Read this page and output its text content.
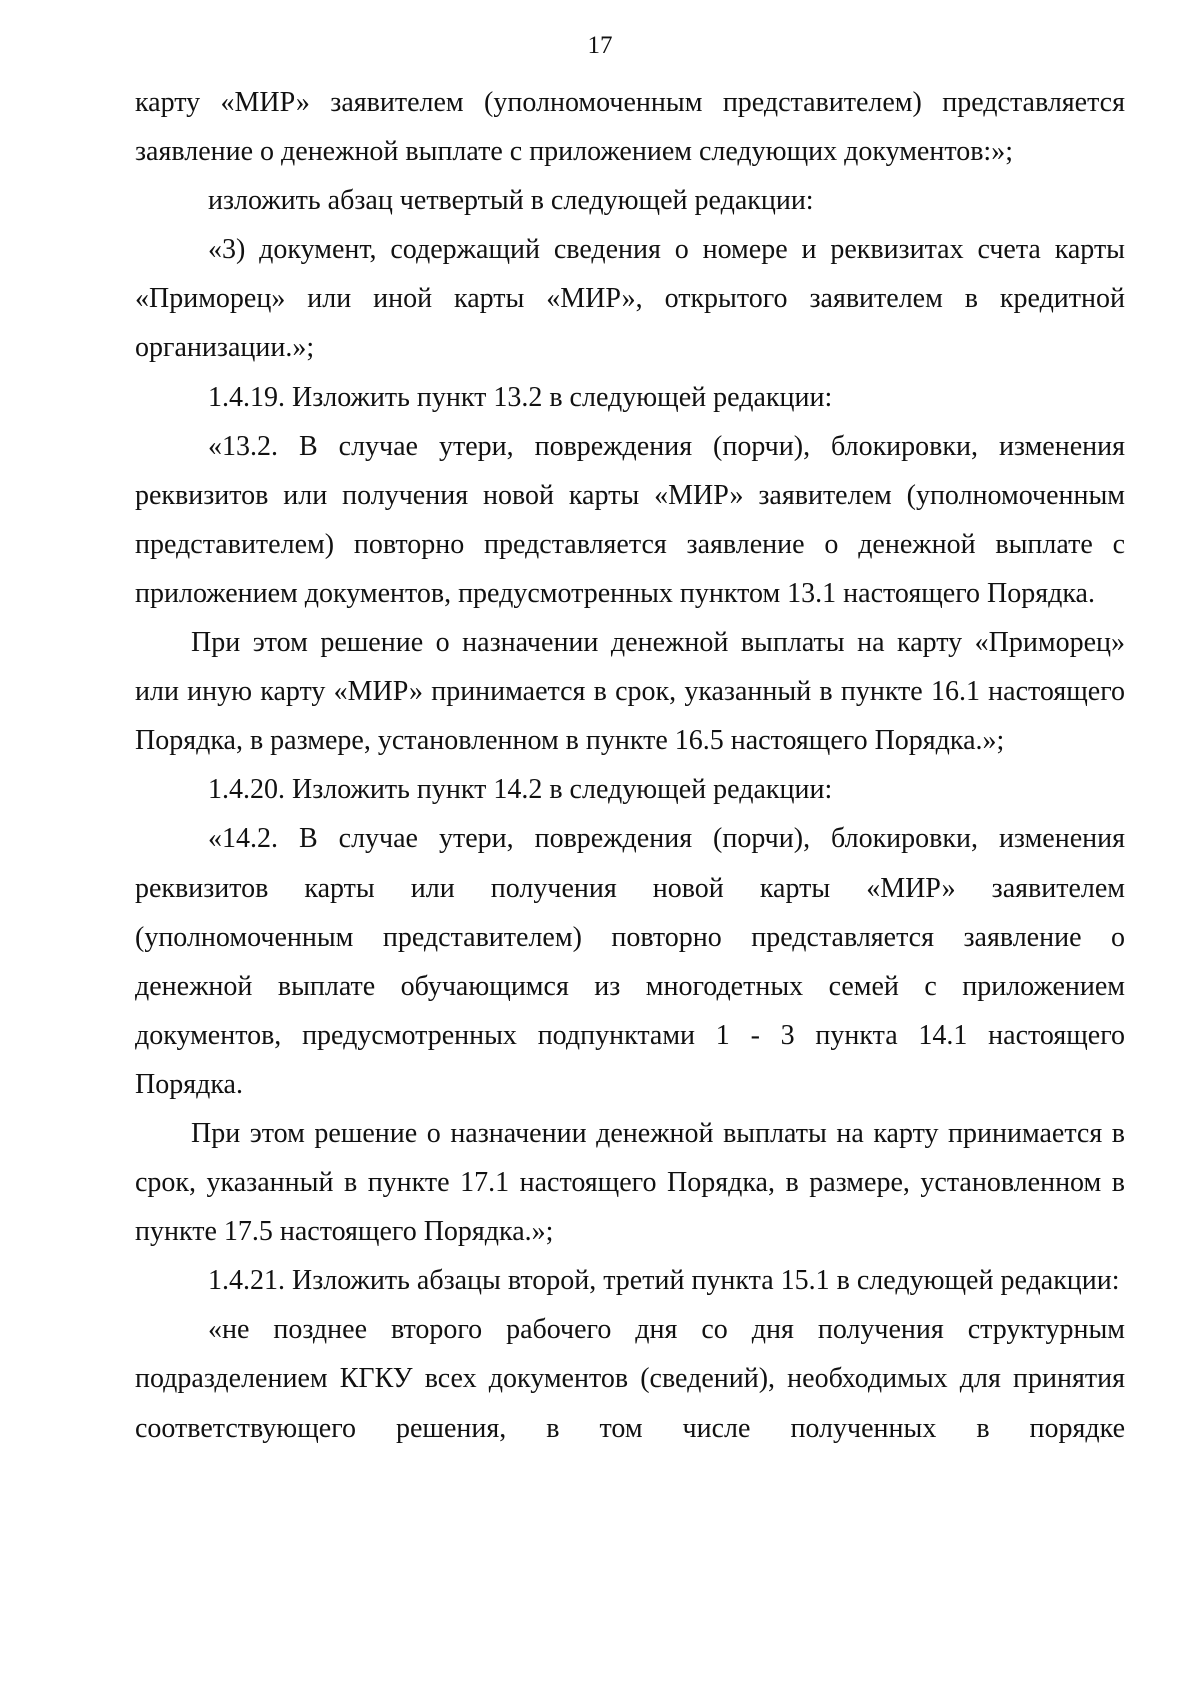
17

карту «МИР» заявителем (уполномоченным представителем) представляется заявление о денежной выплате с приложением следующих документов:»;

изложить абзац четвертый в следующей редакции:

«3) документ, содержащий сведения о номере и реквизитах счета карты «Приморец» или иной карты «МИР», открытого заявителем в кредитной организации.»;

1.4.19. Изложить пункт 13.2 в следующей редакции:

«13.2. В случае утери, повреждения (порчи), блокировки, изменения реквизитов или получения новой карты «МИР» заявителем (уполномоченным представителем) повторно представляется заявление о денежной выплате с приложением документов, предусмотренных пунктом 13.1 настоящего Порядка.

При этом решение о назначении денежной выплаты на карту «Приморец» или иную карту «МИР» принимается в срок, указанный в пункте 16.1 настоящего Порядка, в размере, установленном в пункте 16.5 настоящего Порядка.»;

1.4.20. Изложить пункт 14.2 в следующей редакции:

«14.2. В случае утери, повреждения (порчи), блокировки, изменения реквизитов карты или получения новой карты «МИР» заявителем (уполномоченным представителем) повторно представляется заявление о денежной выплате обучающимся из многодетных семей с приложением документов, предусмотренных подпунктами 1 - 3 пункта 14.1 настоящего Порядка.

При этом решение о назначении денежной выплаты на карту принимается в срок, указанный в пункте 17.1 настоящего Порядка, в размере, установленном в пункте 17.5 настоящего Порядка.»;

1.4.21. Изложить абзацы второй, третий пункта 15.1 в следующей редакции:

«не позднее второго рабочего дня со дня получения структурным подразделением КГКУ всех документов (сведений), необходимых для принятия соответствующего решения, в том числе полученных в порядке
